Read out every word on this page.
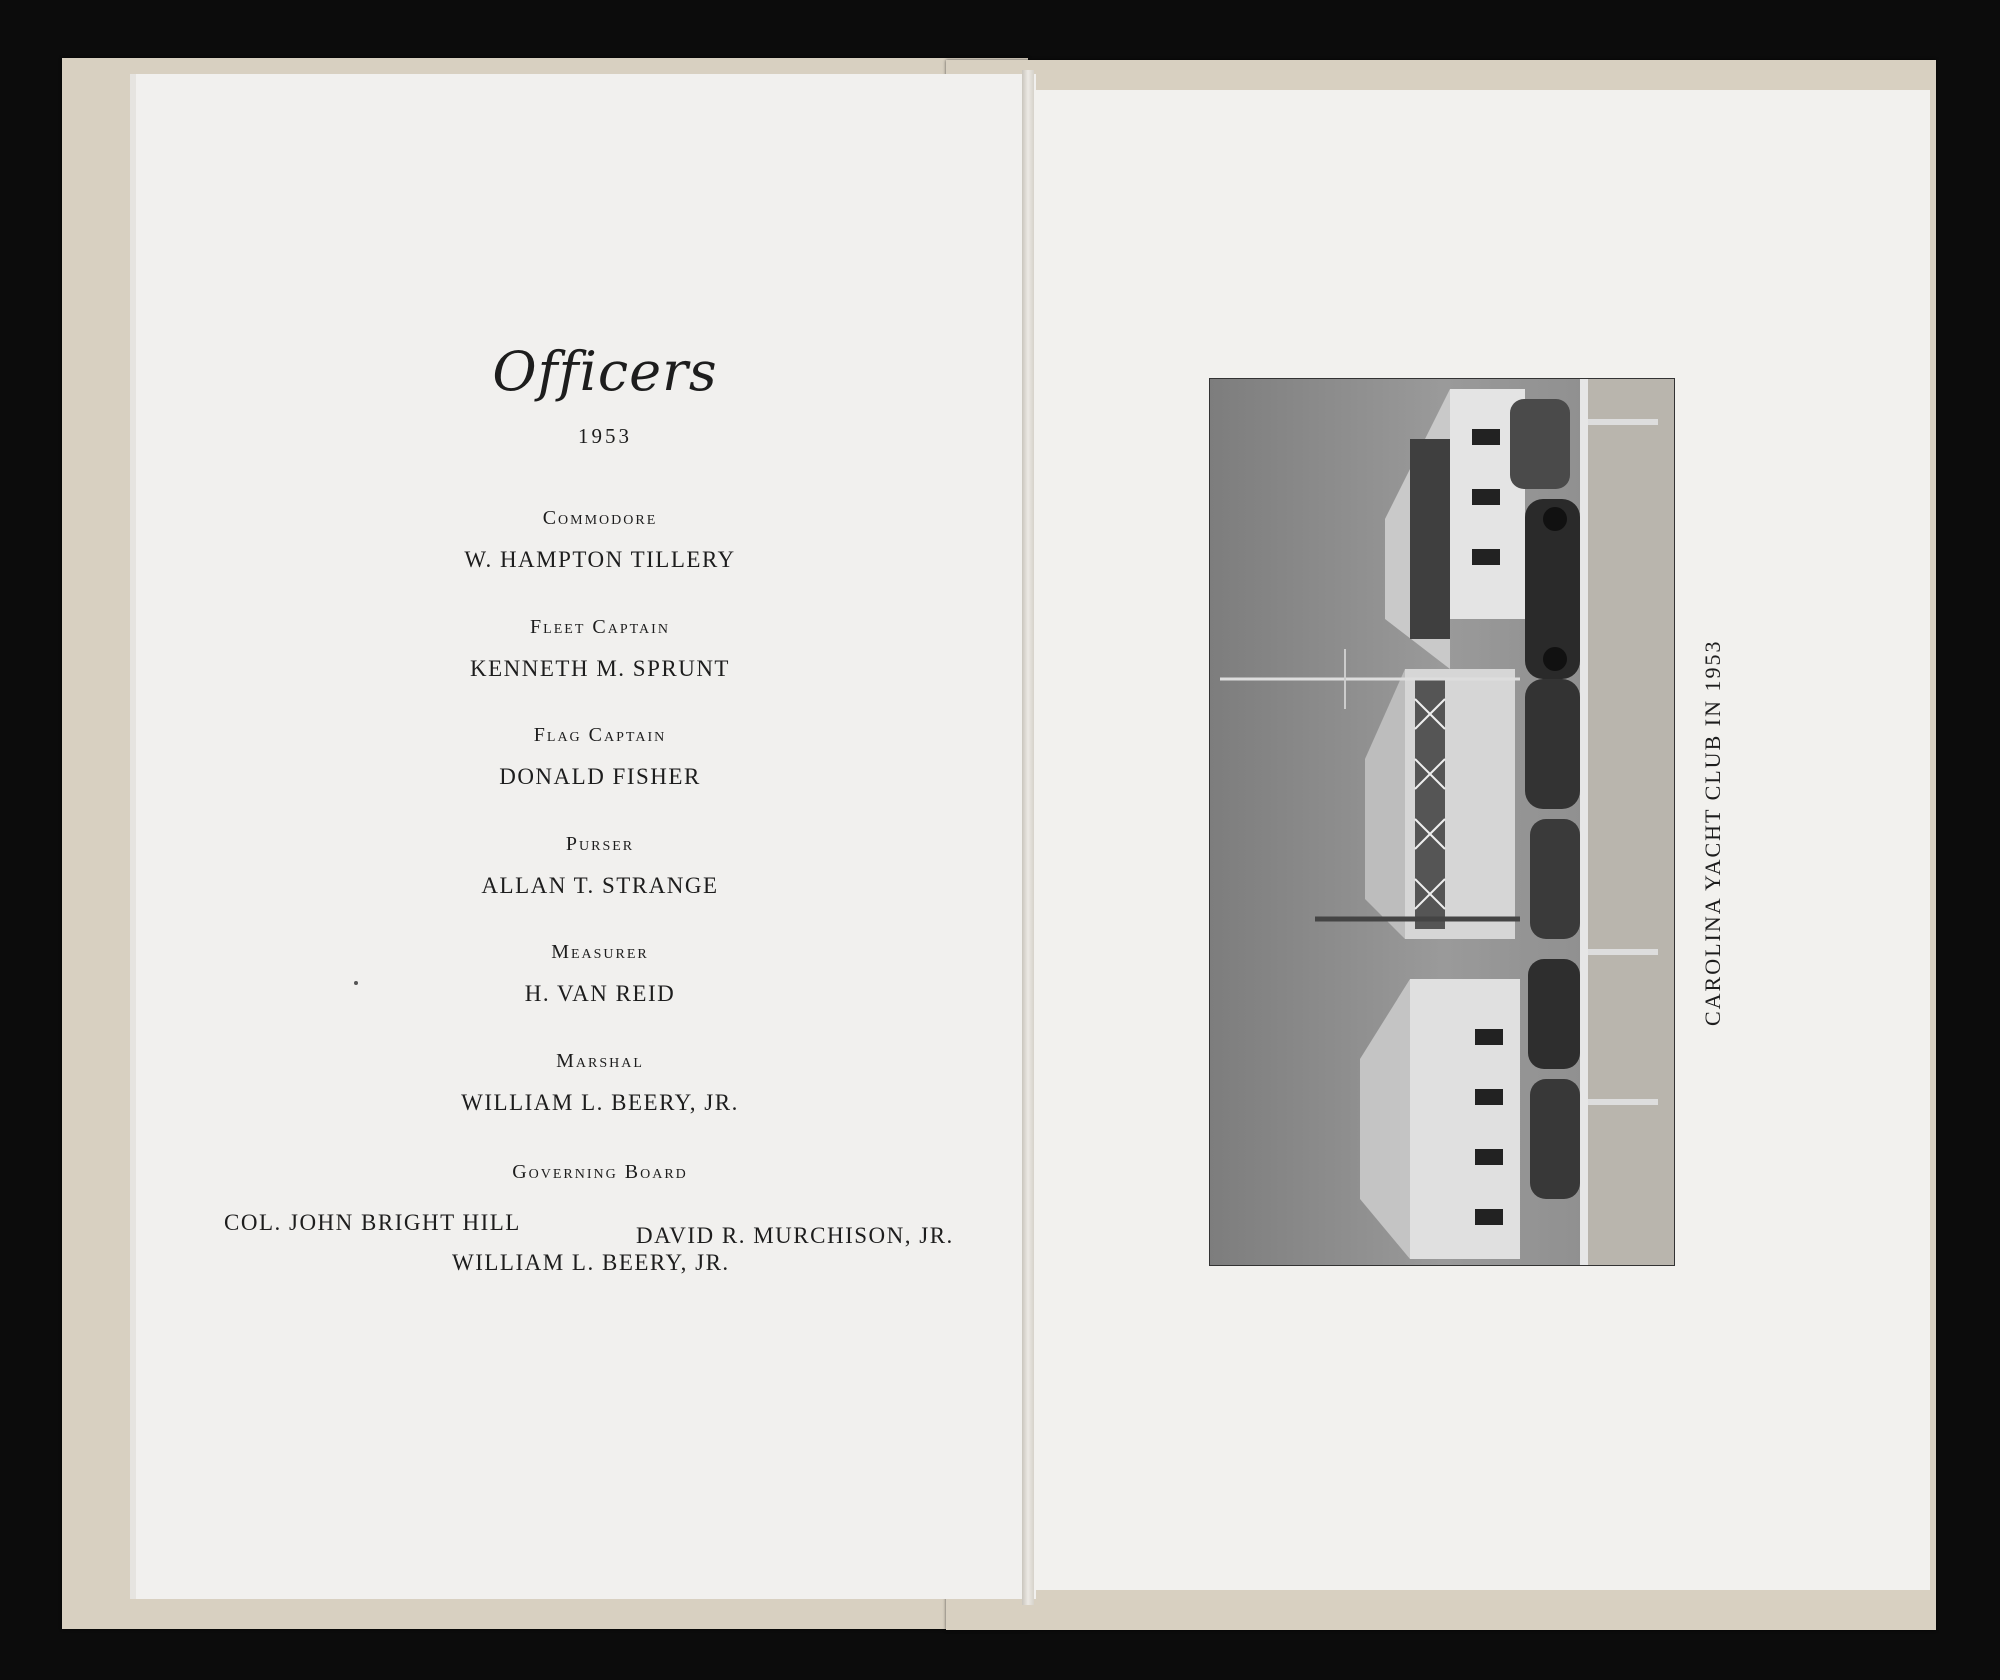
Officers
1953
Commodore
W. HAMPTON TILLERY
Fleet Captain
KENNETH M. SPRUNT
Flag Captain
DONALD FISHER
Purser
ALLAN T. STRANGE
Measurer
H. VAN REID
Marshal
WILLIAM L. BEERY, JR.
Governing Board
COL. JOHN BRIGHT HILL
DAVID R. MURCHISON, JR.
WILLIAM L. BEERY, JR.
CAROLINA YACHT CLUB IN 1953
